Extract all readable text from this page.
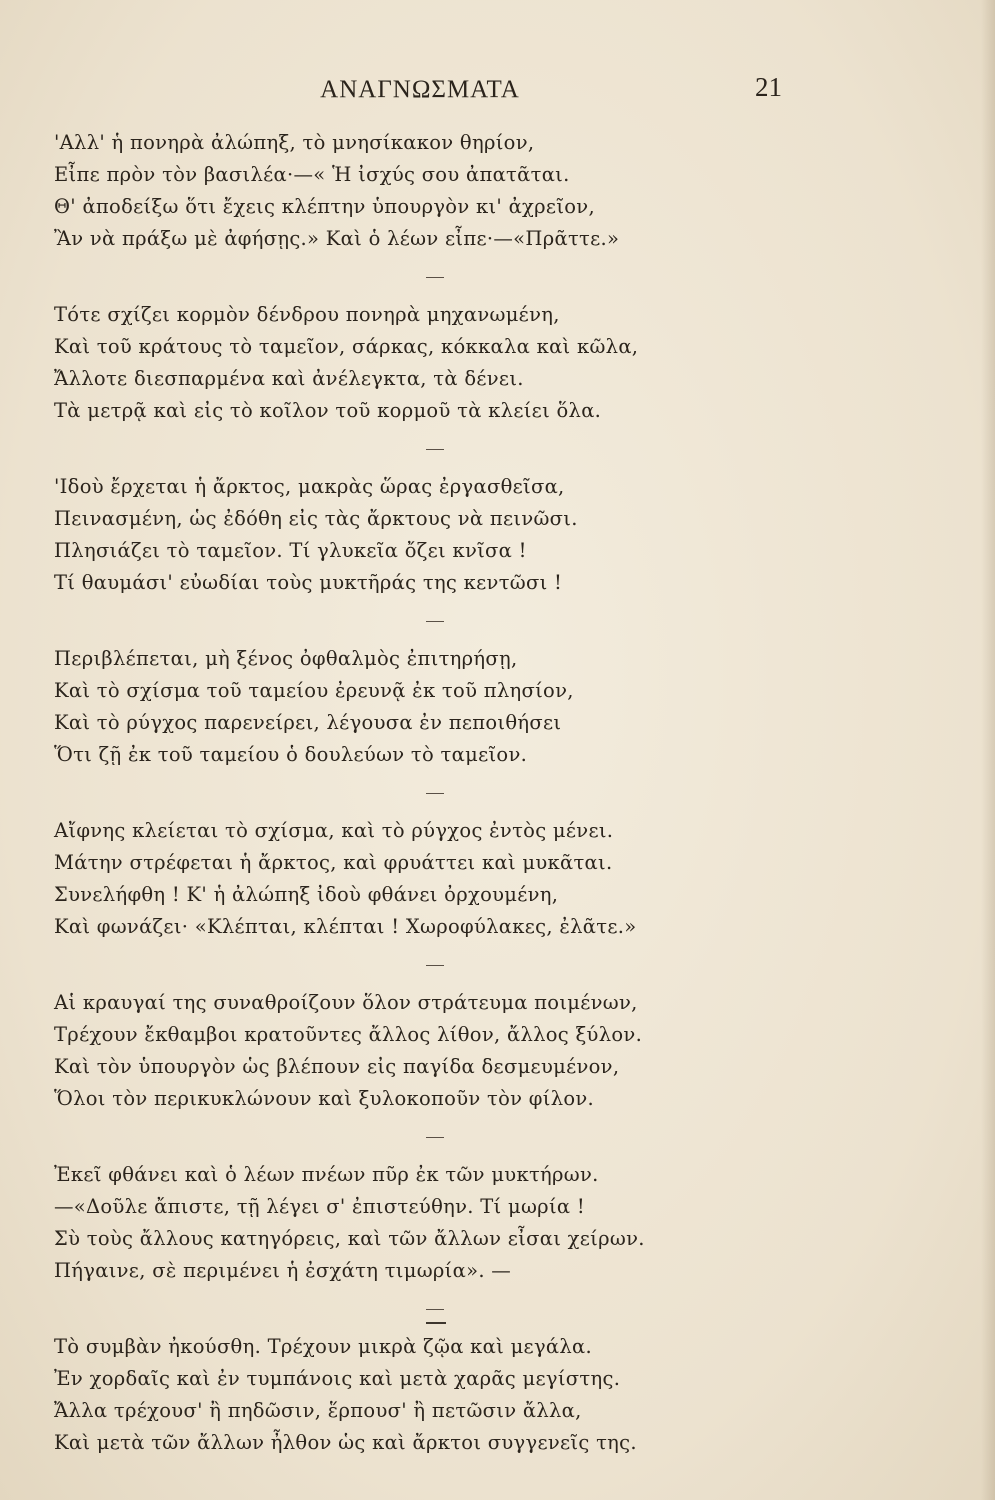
ΑΝΑΓΝΩΣΜΑΤΑ	21
'Αλλ' ἡ πονηρὰ ἀλώπηξ, τὸ μνησίκακον θηρίον,
Εἶπε πρὸν τὸν βασιλέα·—« Ἡ ἰσχύς σου ἀπατᾶται.
Θ' ἀποδείξω ὅτι ἔχεις κλέπτην ὑπουργὸν κι' ἀχρεῖον,
Ἂν νὰ πράξω μὲ ἀφήσῃς.» Καὶ ὁ λέων εἶπε·—«Πρᾶττε.»
Τότε σχίζει κορμὸν δένδρου πονηρὰ μηχανωμένη,
Καὶ τοῦ κράτους τὸ ταμεῖον, σάρκας, κόκκαλα καὶ κῶλα,
Ἄλλοτε διεσπαρμένα καὶ ἀνέλεγκτα, τὰ δένει.
Τὰ μετρᾷ καὶ εἰς τὸ κοῖλον τοῦ κορμοῦ τὰ κλείει ὅλα.
'Ιδοὺ ἔρχεται ἡ ἄρκτος, μακρὰς ὥρας ἐργασθεῖσα,
Πεινασμένη, ὡς ἐδόθη εἰς τὰς ἄρκτους νὰ πεινῶσι.
Πλησιάζει τὸ ταμεῖον. Τί γλυκεῖα ὄζει κνῖσα !
Τί θαυμάσι' εὐωδίαι τοὺς μυκτῆράς της κεντῶσι !
Περιβλέπεται, μὴ ξένος ὀφθαλμὸς ἐπιτηρήσῃ,
Καὶ τὸ σχίσμα τοῦ ταμείου ἐρευνᾷ ἐκ τοῦ πλησίον,
Καὶ τὸ ρύγχος παρενείρει, λέγουσα ἐν πεποιθήσει
Ὅτι ζῇ ἐκ τοῦ ταμείου ὁ δουλεύων τὸ ταμεῖον.
Αἴφνης κλείεται τὸ σχίσμα, καὶ τὸ ρύγχος ἐντὸς μένει.
Μάτην στρέφεται ἡ ἄρκτος, καὶ φρυάττει καὶ μυκᾶται.
Συνελήφθη ! Κ' ἡ ἀλώπηξ ἰδοὺ φθάνει ὀρχουμένη,
Καὶ φωνάζει· «Κλέπται, κλέπται ! Χωροφύλακες, ἐλᾶτε.»
Αἱ κραυγαί της συναθροίζουν ὅλον στράτευμα ποιμένων,
Τρέχουν ἔκθαμβοι κρατοῦντες ἄλλος λίθον, ἄλλος ξύλον.
Καὶ τὸν ὑπουργὸν ὡς βλέπουν εἰς παγίδα δεσμευμένον,
Ὅλοι τὸν περικυκλώνουν καὶ ξυλοκοποῦν τὸν φίλον.
Ἐκεῖ φθάνει καὶ ὁ λέων πνέων πῦρ ἐκ τῶν μυκτήρων.
—«Δοῦλε ἄπιστε, τῇ λέγει σ' ἐπιστεύθην. Τί μωρία !
Σὺ τοὺς ἄλλους κατηγόρεις, καὶ τῶν ἄλλων εἶσαι χείρων.
Πήγαινε, σὲ περιμένει ἡ ἐσχάτη τιμωρία». —
Τὸ συμβὰν ἠκούσθη. Τρέχουν μικρὰ ζῷα καὶ μεγάλα.
Ἐν χορδαῖς καὶ ἐν τυμπάνοις καὶ μετὰ χαρᾶς μεγίστης.
Ἄλλα τρέχουσ' ἢ πηδῶσιν, ἕρπουσ' ἢ πετῶσιν ἄλλα,
Καὶ μετὰ τῶν ἄλλων ἦλθον ὡς καὶ ἄρκτοι συγγενεῖς της.
